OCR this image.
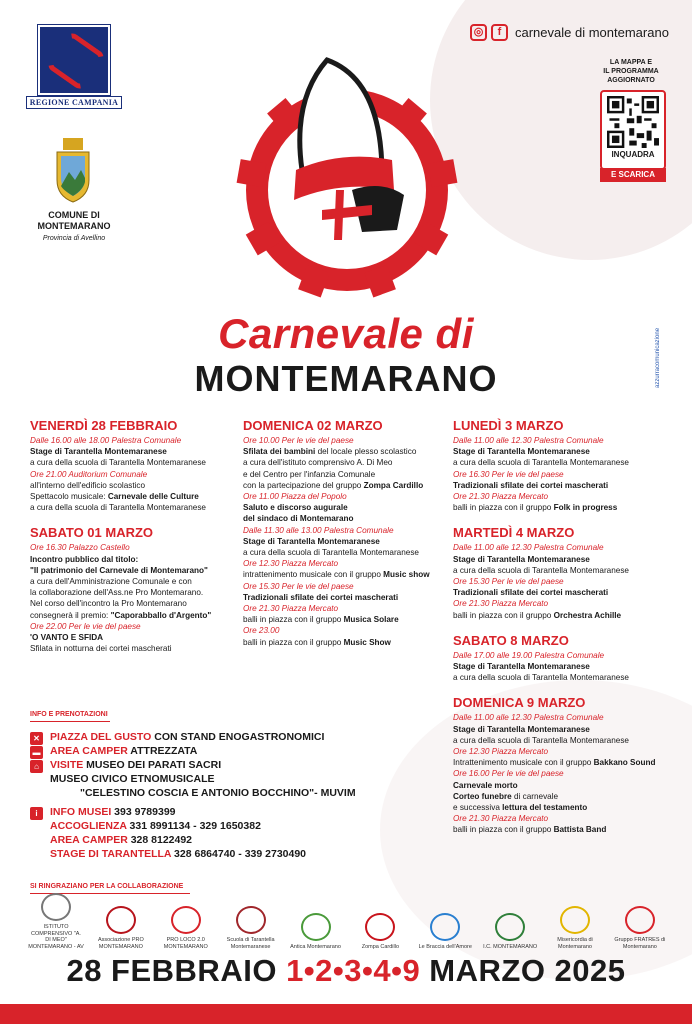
REGIONE CAMPANIA
COMUNE DI
MONTEMARANO
Provincia di Avellino
◎	f	carnevale di montemarano
LA MAPPA E
IL PROGRAMMA
AGGIORNATO
INQUADRA
E SCARICA
azzurracomunicazione
Carnevale di
MONTEMARANO
VENERDÌ 28 FEBBRAIO
Dalle 16.00 alle 18.00 Palestra Comunale
Stage di Tarantella Montemaranese
a cura della scuola di Tarantella Montemaranese
Ore 21.00 Auditorium Comunale
all'interno dell'edificio scolastico
Spettacolo musicale: Carnevale delle Culture
a cura della scuola di Tarantella Montemaranese
SABATO 01 MARZO
Ore 16.30 Palazzo Castello
Incontro pubblico dal titolo:
"Il patrimonio del Carnevale di Montemarano"
a cura dell'Amministrazione Comunale e con
la collaborazione dell'Ass.ne Pro Montemarano.
Nel corso dell'incontro la Pro Montemarano
consegnerà il premio: "Caporabballo d'Argento"
Ore 22.00 Per le vie del paese
'O VANTO E SFIDA
Sfilata in notturna dei cortei mascherati
DOMENICA 02 MARZO
Ore 10.00 Per le vie del paese
Sfilata dei bambini del locale plesso scolastico
a cura dell'istituto comprensivo A. Di Meo
e del Centro per l'infanzia Comunale
con la partecipazione del gruppo Zompa Cardillo
Ore 11.00 Piazza del Popolo
Saluto e discorso augurale
del sindaco di Montemarano
Dalle 11.30 alle 13.00 Palestra Comunale
Stage di Tarantella Montemaranese
a cura della scuola di Tarantella Montemaranese
Ore 12.30 Piazza Mercato
intrattenimento musicale con il gruppo Music show
Ore 15.30 Per le vie del paese
Tradizionali sfilate dei cortei mascherati
Ore 21.30 Piazza Mercato
balli in piazza con il gruppo Musica Solare
Ore 23.00
balli in piazza con il gruppo Music Show
LUNEDÌ 3 MARZO
Dalle 11.00 alle 12.30 Palestra Comunale
Stage di Tarantella Montemaranese
a cura della scuola di Tarantella Montemaranese
Ore 16.30 Per le vie del paese
Tradizionali sfilate dei cortei mascherati
Ore 21.30 Piazza Mercato
balli in piazza con il gruppo Folk in progress
MARTEDÌ 4 MARZO
Dalle 11.00 alle 12.30 Palestra Comunale
Stage di Tarantella Montemaranese
a cura della scuola di Tarantella Montemaranese
Ore 15.30 Per le vie del paese
Tradizionali sfilate dei cortei mascherati
Ore 21.30 Piazza Mercato
balli in piazza con il gruppo Orchestra Achille
SABATO 8 MARZO
Dalle 17.00 alle 19.00 Palestra Comunale
Stage di Tarantella Montemaranese
a cura della scuola di Tarantella Montemaranese
DOMENICA 9 MARZO
Dalle 11.00 alle 12.30 Palestra Comunale
Stage di Tarantella Montemaranese
a cura della scuola di Tarantella Montemaranese
Ore 12.30 Piazza Mercato
Intrattenimento musicale con il gruppo Bakkano Sound
Ore 16.00 Per le vie del paese
Carnevale morto
Corteo funebre di carnevale
e successiva lettura del testamento
Ore 21.30 Piazza Mercato
balli in piazza con il gruppo Battista Band
INFO E PRENOTAZIONI
✕ PIAZZA DEL GUSTO CON STAND ENOGASTRONOMICI
▬ AREA CAMPER ATTREZZATA
⌂	VISITE MUSEO DEI PARATI SACRI
MUSEO CIVICO ETNOMUSICALE
"CELESTINO COSCIA E ANTONIO BOCCHINO"- MUVIM
i	INFO MUSEI 393 9789399
ACCOGLIENZA 331 8991134 - 329 1650382
AREA CAMPER 328 8122492
STAGE DI TARANTELLA 328 6864740 - 339 2730490
SI RINGRAZIANO PER LA COLLABORAZIONE
ISTITUTO COMPRENSIVO "A. DI MEO" MONTEMARANO - AV
Associazione PRO MONTEMARANO
PRO LOCO 2.0 MONTEMARANO
Scuola di Tarantella Montemaranese	Antica Montemarano	Zompa Cardillo	Le Braccia dell'Amore I.C. MONTEMARANO
Misericordia di Montemarano
Gruppo FRATRES di Montemarano
28 FEBBRAIO 1•2•3•4•9 MARZO 2025
